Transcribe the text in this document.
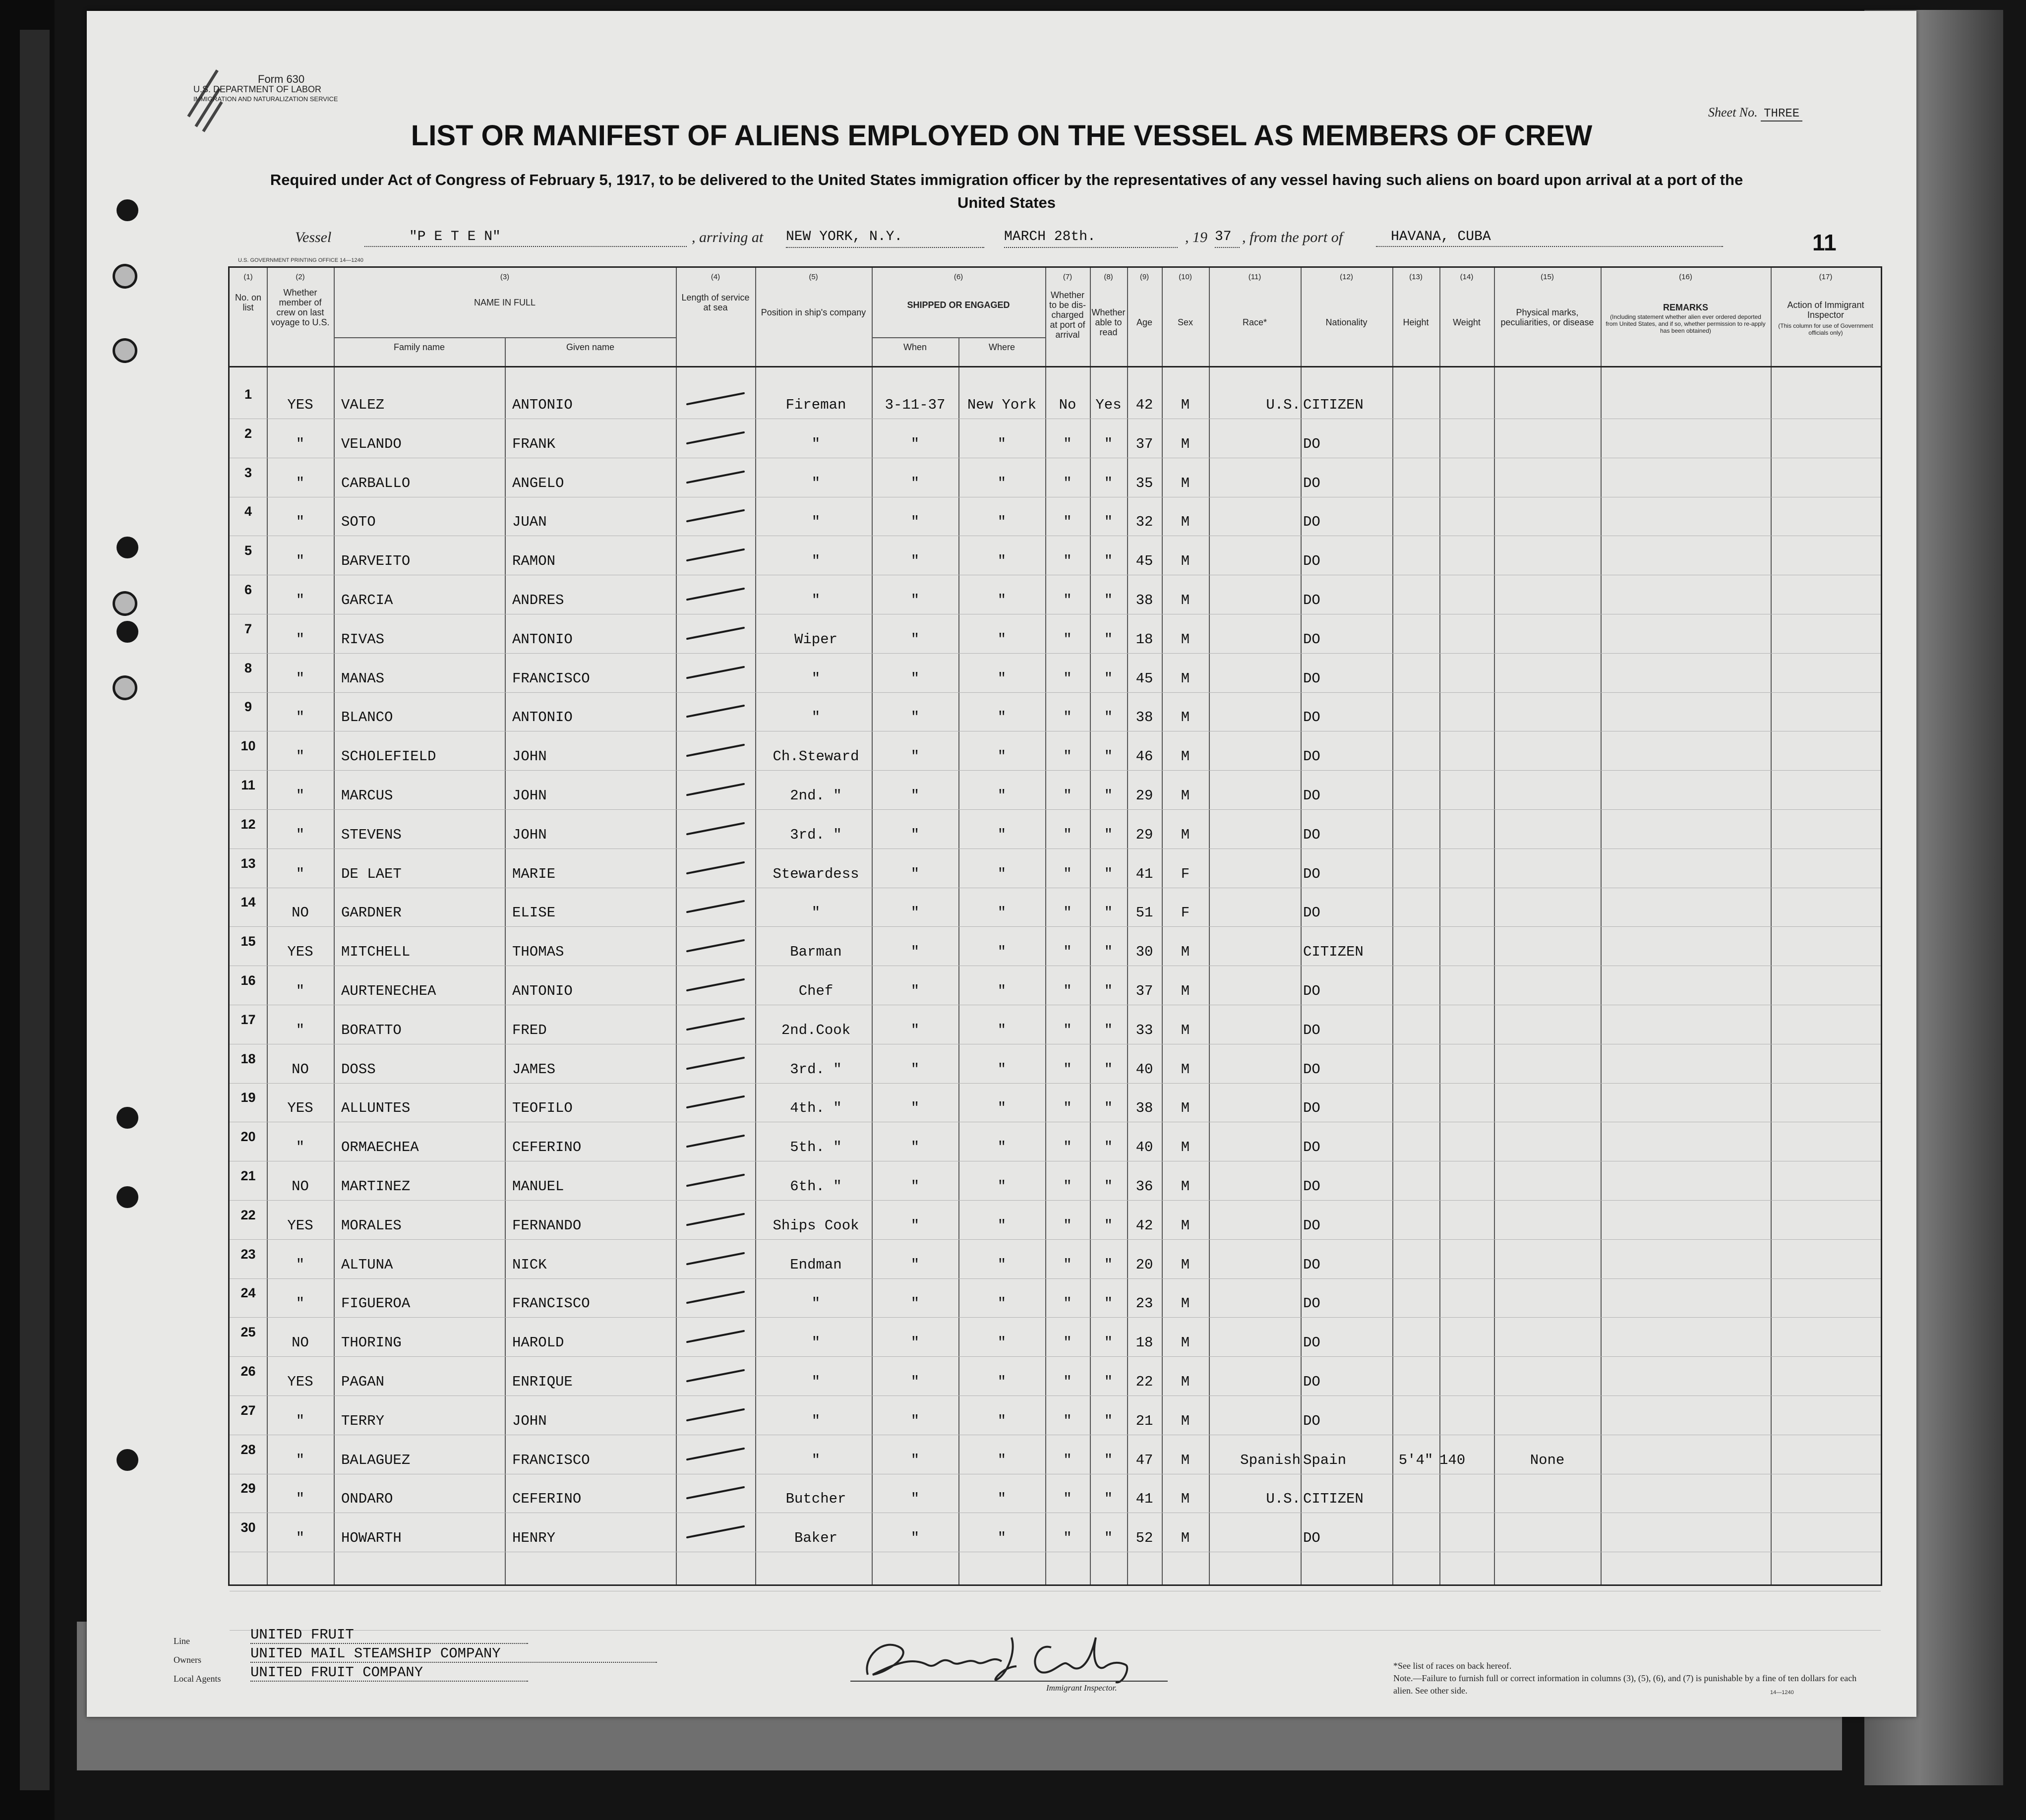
Form 630
U.S. DEPARTMENT OF LABOR
IMMIGRATION AND NATURALIZATION SERVICE
Sheet No. THREE
LIST OR MANIFEST OF ALIENS EMPLOYED ON THE VESSEL AS MEMBERS OF CREW
Required under Act of Congress of February 5, 1917, to be delivered to the United States immigration officer by the representatives of any vessel having such aliens on board upon arrival at a port of the United States
Vessel	"P E T E N"	, arriving at NEW YORK, N.Y.	MARCH 28th.	, 19 37 , from the port of	HAVANA, CUBA	11
U.S. GOVERNMENT PRINTING OFFICE 14—1240
(1)	(2)	(3)	(4)	(5)	(6)	(7)	(8)	(9)	(10)	(11)	(12)	(13)	(14)	(15)	(16)	(17)
No. on list
Whether member of crew on last voyage to U.S.
NAME IN FULL
Family name	Given name
Length of service at sea	Position in ship's company
SHIPPED OR ENGAGED
When	Where
Whether to be dis- charged at port of arrival
Whether able to read
Age	Sex	Race*	Nationality	Height	Weight
Physical marks, peculiarities, or disease
REMARKS
(Including statement whether alien ever ordered deported from United States, and if so, whether permission to re-apply has been obtained)
Action of Immigrant Inspector
(This column for use of Government officials only)
1
YES	VALEZ	ANTONIO	Fireman	3-11-37	New York	No	Yes 42	M	U.S. CITIZEN
2
"	VELANDO	FRANK	"	"	"	"	"	37	M	DO
3
"	CARBALLO	ANGELO	"	"	"	"	"	35	M	DO
4
"	SOTO	JUAN	"	"	"	"	"	32	M	DO
5
"	BARVEITO	RAMON	"	"	"	"	"	45	M	DO
6
"	GARCIA	ANDRES	"	"	"	"	"	38	M	DO
7
"	RIVAS	ANTONIO	Wiper	"	"	"	"	18	M	DO
8
"	MANAS	FRANCISCO	"	"	"	"	"	45	M	DO
9
"	BLANCO	ANTONIO	"	"	"	"	"	38	M	DO
10
"	SCHOLEFIELD	JOHN	Ch.Steward	"	"	"	"	46	M	DO
11
"	MARCUS	JOHN	2nd. "	"	"	"	"	29	M	DO
12
"	STEVENS	JOHN	3rd. "	"	"	"	"	29	M	DO
13
"	DE LAET	MARIE	Stewardess	"	"	"	"	41	F	DO
14
NO	GARDNER	ELISE	"	"	"	"	"	51	F	DO
15
YES	MITCHELL	THOMAS	Barman	"	"	"	"	30	M	CITIZEN
16
"	AURTENECHEA	ANTONIO	Chef	"	"	"	"	37	M	DO
17
"	BORATTO	FRED	2nd.Cook	"	"	"	"	33	M	DO
18
NO	DOSS	JAMES	3rd. "	"	"	"	"	40	M	DO
19
YES	ALLUNTES	TEOFILO	4th. "	"	"	"	"	38	M	DO
20
"	ORMAECHEA	CEFERINO	5th. "	"	"	"	"	40	M	DO
21
NO	MARTINEZ	MANUEL	6th. "	"	"	"	"	36	M	DO
22
YES	MORALES	FERNANDO	Ships Cook	"	"	"	"	42	M	DO
23
"	ALTUNA	NICK	Endman	"	"	"	"	20	M	DO
24
"	FIGUEROA	FRANCISCO	"	"	"	"	"	23	M	DO
25
NO	THORING	HAROLD	"	"	"	"	"	18	M	DO
26
YES	PAGAN	ENRIQUE	"	"	"	"	"	22	M	DO
27
"	TERRY	JOHN	"	"	"	"	"	21	M	DO
28
"	BALAGUEZ	FRANCISCO	"	"	"	"	"	47	M	Spanish Spain	5'4" 140	None
29
"	ONDARO	CEFERINO	Butcher	"	"	"	"	41	M	U.S. CITIZEN
30
"	HOWARTH	HENRY	Baker	"	"	"	"	52	M	DO
Line	UNITED FRUIT
Owners	UNITED MAIL STEAMSHIP COMPANY
Local Agents UNITED FRUIT COMPANY
Immigrant Inspector.
*See list of races on back hereof.
Note.—Failure to furnish full or correct information in columns (3), (5), (6), and (7) is punishable by a fine of ten dollars for each alien. See other side.	14—1240
